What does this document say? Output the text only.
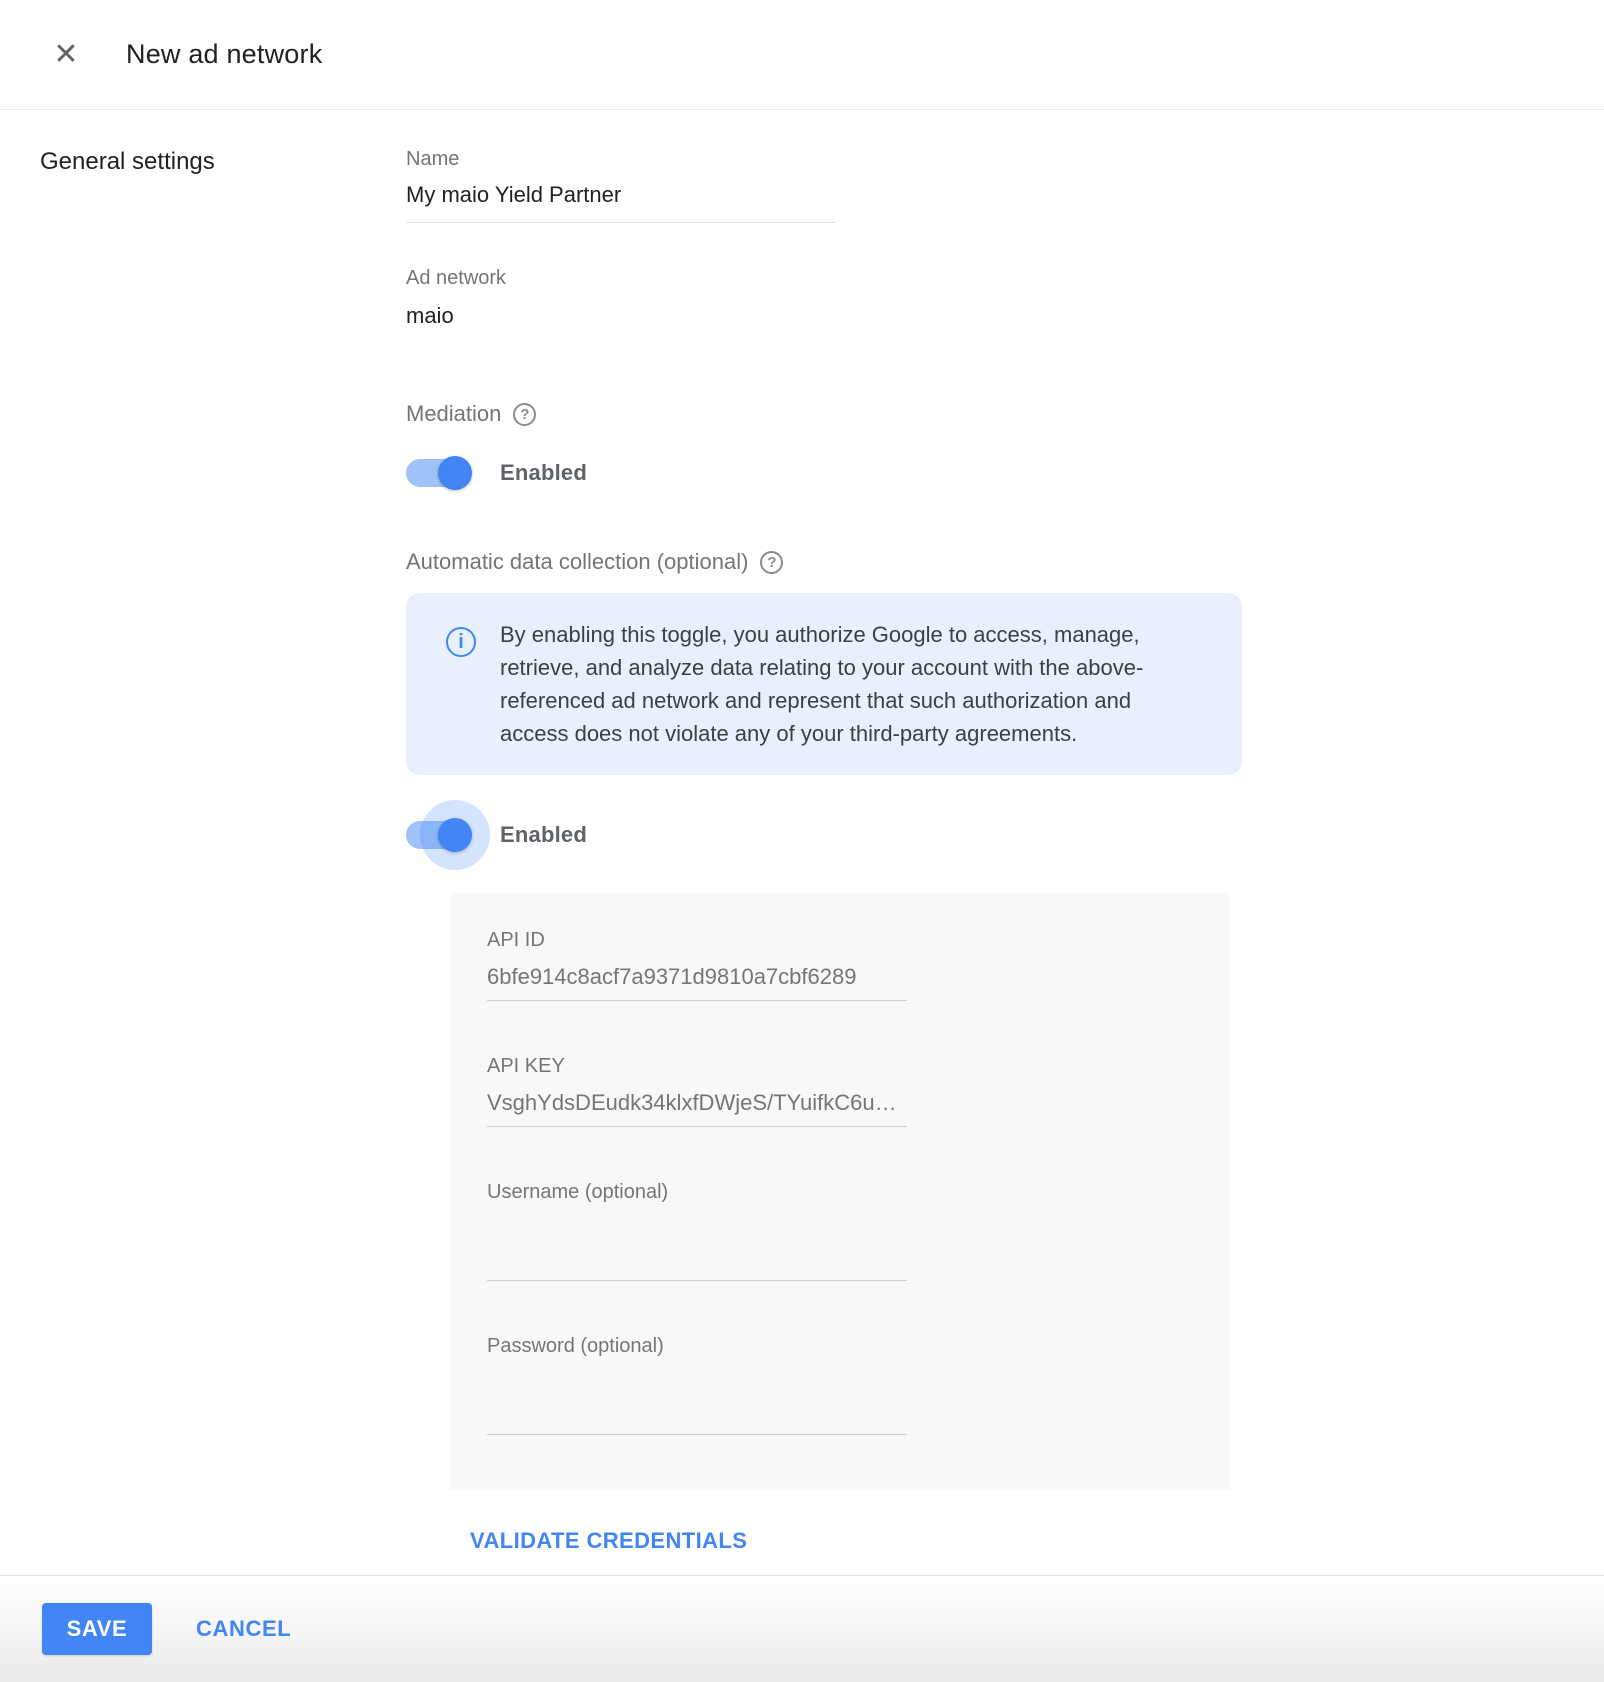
✕ New ad network
General settings	Name
My maio Yield Partner
Ad network
maio
Mediation ?
Enabled
Automatic data collection (optional) ?
i By enabling this toggle, you authorize Google to access, manage, retrieve, and analyze data relating to your account with the above-referenced ad network and represent that such authorization and access does not violate any of your third-party agreements.
Enabled
API ID
6bfe914c8acf7a9371d9810a7cbf6289
API KEY
VsghYdsDEudk34klxfDWjeS/TYuifkC6u…
Username (optional)
Password (optional)
VALIDATE CREDENTIALS
SAVE	CANCEL
